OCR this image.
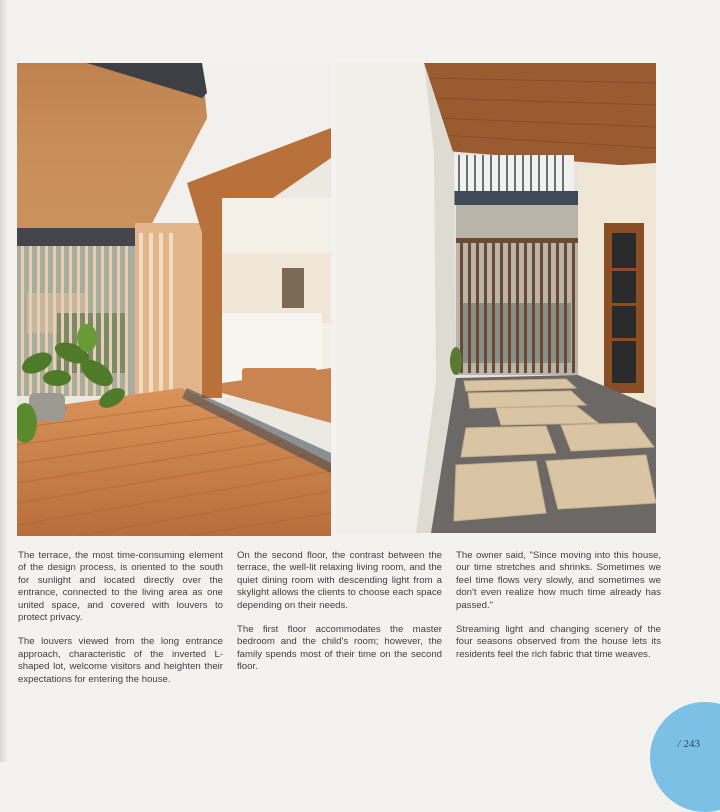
The terrace, the most time-consuming element of the design process, is oriented to the south for sunlight and located directly over the entrance, connected to the living area as one united space, and covered with louvers to protect privacy.

The louvers viewed from the long entrance approach, characteristic of the inverted L-shaped lot, welcome visitors and heighten their expectations for entering the house.

On the second floor, the contrast between the terrace, the well-lit relaxing living room, and the quiet dining room with descending light from a skylight allows the clients to choose each space depending on their needs.

The first floor accommodates the master bedroom and the child's room; however, the family spends most of their time on the second floor.

The owner said, "Since moving into this house, our time stretches and shrinks. Sometimes we feel time flows very slowly, and sometimes we don't even realize how much time already has passed."

Streaming light and changing scenery of the four seasons observed from the house lets its residents feel the rich fabric that time weaves.

/ 243
